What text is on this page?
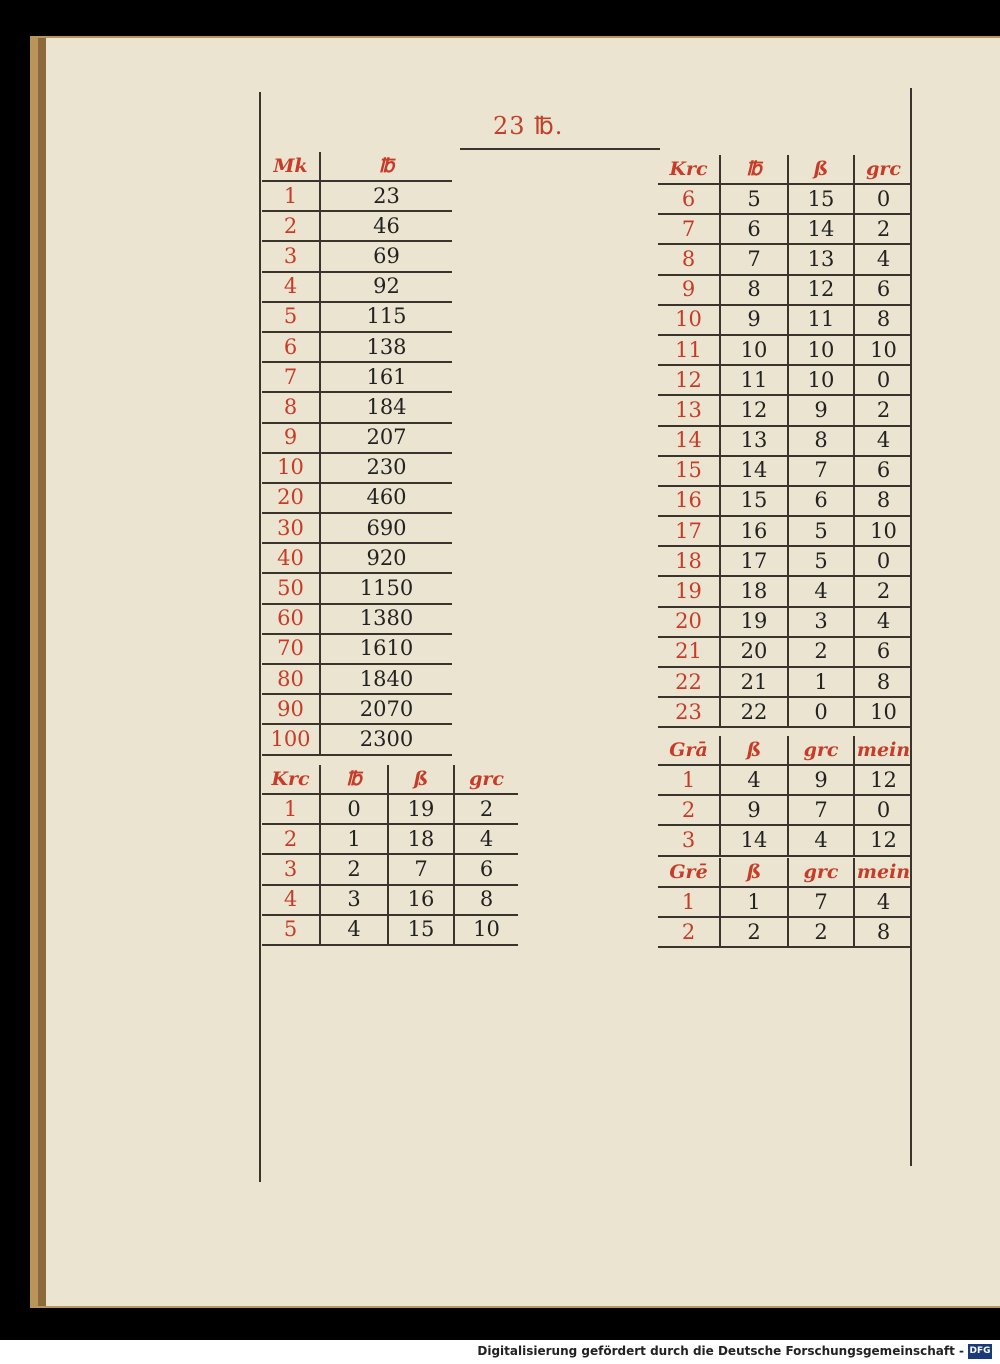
23 ℔.
Mk	℔
1	23
2	46
3	69
4	92
5	115
6	138
7	161
8	184
9	207
10	230
20	460
30	690
40	920
50	1150
60	1380
70	1610
80	1840
90	2070
100	2300
Krc	℔	ß	grc
1	0	19	2
2	1	18	4
3	2	7	6
4	3	16	8
5	4	15	10
Krc	℔	ß	grc
6	5	15	0
7	6	14	2
8	7	13	4
9	8	12	6
10	9	11	8
11	10	10	10
12	11	10	0
13	12	9	2
14	13	8	4
15	14	7	6
16	15	6	8
17	16	5	10
18	17	5	0
19	18	4	2
20	19	3	4
21	20	2	6
22	21	1	8
23	22	0	10
Grā	ß	grc	mein
1	4	9	12
2	9	7	0
3	14	4	12
Grē	ß	grc	mein
1	1	7	4
2	2	2	8
Digitalisierung gefördert durch die Deutsche Forschungsgemeinschaft - DFG
